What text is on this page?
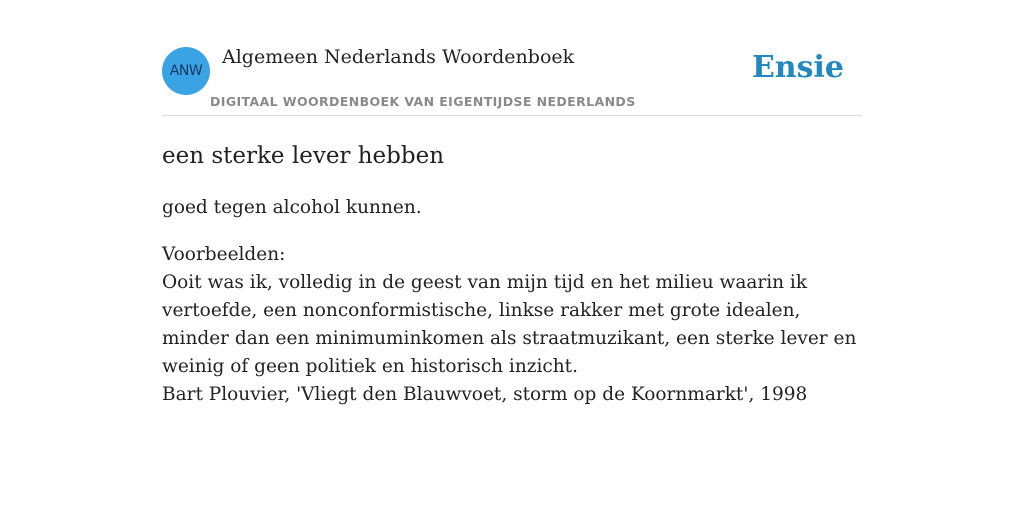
ANW
Algemeen Nederlands Woordenboek
DIGITAAL WOORDENBOEK VAN EIGENTIJDSE NEDERLANDS
Ensie
een sterke lever hebben

goed tegen alcohol kunnen.

Voorbeelden:
Ooit was ik, volledig in de geest van mijn tijd en het milieu waarin ik vertoefde, een nonconformistische, linkse rakker met grote idealen, minder dan een minimuminkomen als straatmuzikant, een sterke lever en weinig of geen politiek en historisch inzicht.
Bart Plouvier, 'Vliegt den Blauwvoet, storm op de Koornmarkt', 1998
